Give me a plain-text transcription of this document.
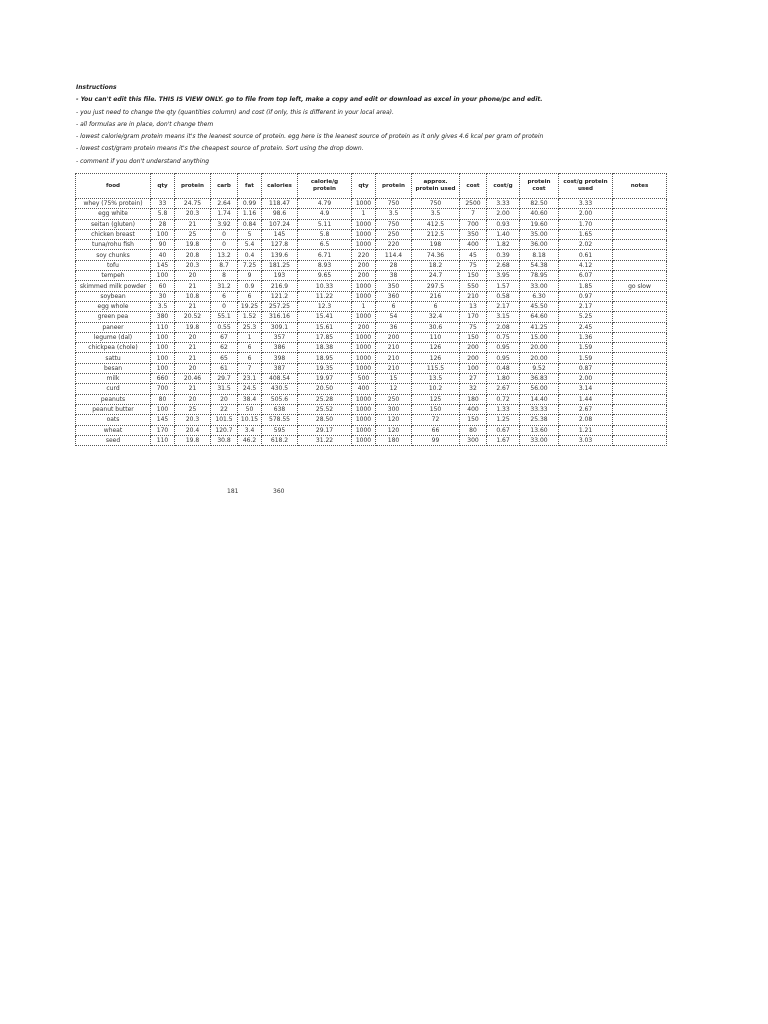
Instructions
- You can't edit this file. THIS IS VIEW ONLY. go to file from top left, make a copy and edit or download as excel in your phone/pc and edit.
- you just need to change the qty (quantities column) and cost (if only, this is different in your local area).
- all formulas are in place, don't change them
- lowest calorie/gram protein means it's the leanest source of protein. egg here is the leanest source of protein as it only gives 4.6 kcal per gram of protein
- lowest cost/gram protein means it's the cheapest source of protein. Sort using the drop down.
- comment if you don't understand anything
food	qty	protein	carb	fat	calories	calorie/g protein	qty	protein	approx. protein used	cost	cost/g	protein cost	cost/g protein used	notes
whey (75% protein)	33	24.75	2.64	0.99	118.47	4.79	1000	750	750	2500	3.33	82.50	3.33	
egg white	5.8	20.3	1.74	1.16	98.6	4.9	1	3.5	3.5	7	2.00	40.60	2.00	
seitan (gluten)	28	21	3.92	0.84	107.24	5.11	1000	750	412.5	700	0.93	19.60	1.70	
chicken breast	100	25	0	5	145	5.8	1000	250	212.5	350	1.40	35.00	1.65	
tuna/rohu fish	90	19.8	0	5.4	127.8	6.5	1000	220	198	400	1.82	36.00	2.02	
soy chunks	40	20.8	13.2	0.4	139.6	6.71	220	114.4	74.36	45	0.39	8.18	0.61	
tofu	145	20.3	8.7	7.25	181.25	8.93	200	28	18.2	75	2.68	54.38	4.12	
tempeh	100	20	8	9	193	9.65	200	38	24.7	150	3.95	78.95	6.07	
skimmed milk powder	60	21	31.2	0.9	216.9	10.33	1000	350	297.5	550	1.57	33.00	1.85	go slow
soybean	30	10.8	6	6	121.2	11.22	1000	360	216	210	0.58	6.30	0.97	
egg whole	3.5	21	0	19.25	257.25	12.3	1	6	6	13	2.17	45.50	2.17	
green pea	380	20.52	55.1	1.52	316.16	15.41	1000	54	32.4	170	3.15	64.60	5.25	
paneer	110	19.8	0.55	25.3	309.1	15.61	200	36	30.6	75	2.08	41.25	2.45	
legume (dal)	100	20	67	1	357	17.85	1000	200	110	150	0.75	15.00	1.36	
chickpea (chole)	100	21	62	6	386	18.38	1000	210	126	200	0.95	20.00	1.59	
sattu	100	21	65	6	398	18.95	1000	210	126	200	0.95	20.00	1.59	
besan	100	20	61	7	387	19.35	1000	210	115.5	100	0.48	9.52	0.87	
milk	660	20.46	29.7	23.1	408.54	19.97	500	15	13.5	27	1.80	36.83	2.00	
curd	700	21	31.5	24.5	430.5	20.50	400	12	10.2	32	2.67	56.00	3.14	
peanuts	80	20	20	38.4	505.6	25.28	1000	250	125	180	0.72	14.40	1.44	
peanut butter	100	25	22	50	638	25.52	1000	300	150	400	1.33	33.33	2.67	
oats	145	20.3	101.5	10.15	578.55	28.50	1000	120	72	150	1.25	25.38	2.08	
wheat	170	20.4	120.7	3.4	595	29.17	1000	120	66	80	0.67	13.60	1.21	
seed	110	19.8	30.8	46.2	618.2	31.22	1000	180	99	300	1.67	33.00	3.03	
181	360
